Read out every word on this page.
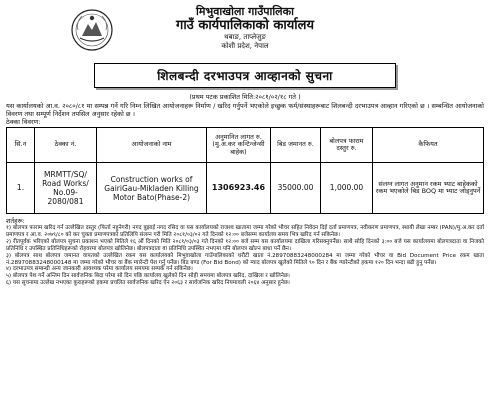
मिभुवाखोला गाउँपालिका
गाउँ कार्यपालिकाको कार्यालय
थबाङ, ताप्लेजुङ
कोशी प्रदेश, नेपाल
शिलबन्दी दरभाउपत्र आव्हानको सुचना
(प्रथम पटक प्रकाशित मिति:२०८१/०२/१८ गते )
यस कार्यालयको आ.व. २०८०/८१ मा सम्पन्न गर्ने गरि निम्न लिखित आयोजनाहरू निर्माण / खरिद गर्नुपर्ने भएकोले इच्छुक फर्म/संस्थाहरूबाट शिलबन्दी दरभाउपत्र आव्हान गरिएको छ । सम्बन्धित आयोजनाको विवरण तथा सम्पूर्ण निर्देशन तपसिल अनुसार रहेको छ ।
ठेक्का विवरण:
सि.न	ठेक्का नं.	आयोजनाको नाम	अनुमानित लागत रु.(मु.अ.कर कन्टिन्जेन्सी बाहेक)	बिड जमानत रु.	बोलपत्र फाराम दस्तुर रु.	कैफियत
1.	MRMTT/SQ/ Road Works/ No.09-2080/081	Construction works of GairiGau-Mikladen Killing Motor Bato(Phase-2)	1306923.46	35000.00	1,000.00	संलग्न लागत अनुमान रकम भ्याट बाहेकको रकम भएकोले बिड BOQ मा भ्याट जोड्नुपर्ने
शर्तहरू:

१) बोलपत्र फाराम खरिद गर्न उल्लेखित दस्तुर (फिर्ता नहुनेगरी) नगद बुझाई नगद रसिद वा यस कार्यालयको राजश्व खातामा जम्मा गरेको भौचर सहित निवेदन दिई दर्ता प्रमाणपत्र, नवीकरण प्रमाणपत्र, स्थायी लेखा नम्बर (PAN)/मु.अ.कर दर्ता प्रमाणपत्र र आ.व. २०७९/८० को कर चुक्ता प्रमाणपत्रको प्रतिलिपि संलग्न गरी मिति २०८१/०३/०२ गते दिनको १२:०० बजेसम्म कार्यालय समय भित्र खरिद गर्न सकिनेछ।

२) रीतपूर्वक भरिएको बोलपत्र सुचना प्रकाशन भएको मितिले १६ औं दिनको मिति २०८१/०३/०३ गते दिनको १२:०० बजे सम्म यस कार्यालयमा दाखिला गरिसक्नुपर्नेछ। साथै सोहि दिनको ३:०० बजे यस कार्यालयमा बोलपत्रदाता वा निजको प्रतिनिधि र उपस्थित प्रतिनिधिहरूको रोहवरमा बोलपत्र खोलिनेछ। बोलपत्रदाता वा प्रतिनिधि उपस्थित नभएमा पनि बोलपत्र खोल्न बाधा पर्ने छैन।

३) बोलपत्र साथ बोलपत्र जमानत वापतको उल्लेखित रकम यस कार्यालयको मिभुवाखोला गाउँपालिकाको धरौटी खाता नं.28970883248000284 मा जम्मा गरेको भौचर वा Bid Document Price रकम खाता नं.28970883248000148 मा जम्मा गरेको भौचर वा बैंक ग्यारेन्टी पेश गर्नु पर्नेछ। बिड बण्ड (For Bid Bond) को म्याद बोलपत्र खुलेको मितिले ९० दिन र बैंक ग्यारेन्टीको हकमा १२० दिन भन्दा बढी हुनु पर्नेछ।

४) दरभाउपत्र सम्बन्धी अन्य जानकारी आवश्यक परेमा कार्यालय समयमा सम्पर्क गर्न सकिनेछ।

५) बोलपत्र पेश गर्ने अन्तिम दिन सार्वजनिक बिदा परेमा सो दिन पछि कार्यालय खुलेको दिन सोही समयमा बोलपत्र खरिद, दाखिला र खोलिनेछ।

६) यस सूचनामा उल्लेख नभएका कुराहरूको हकमा प्रचलित सार्वजनिक खरिद ऐन २०६३ र सार्वजनिक खरिद नियमावली २०६४ अनुसार हुनेछ।
